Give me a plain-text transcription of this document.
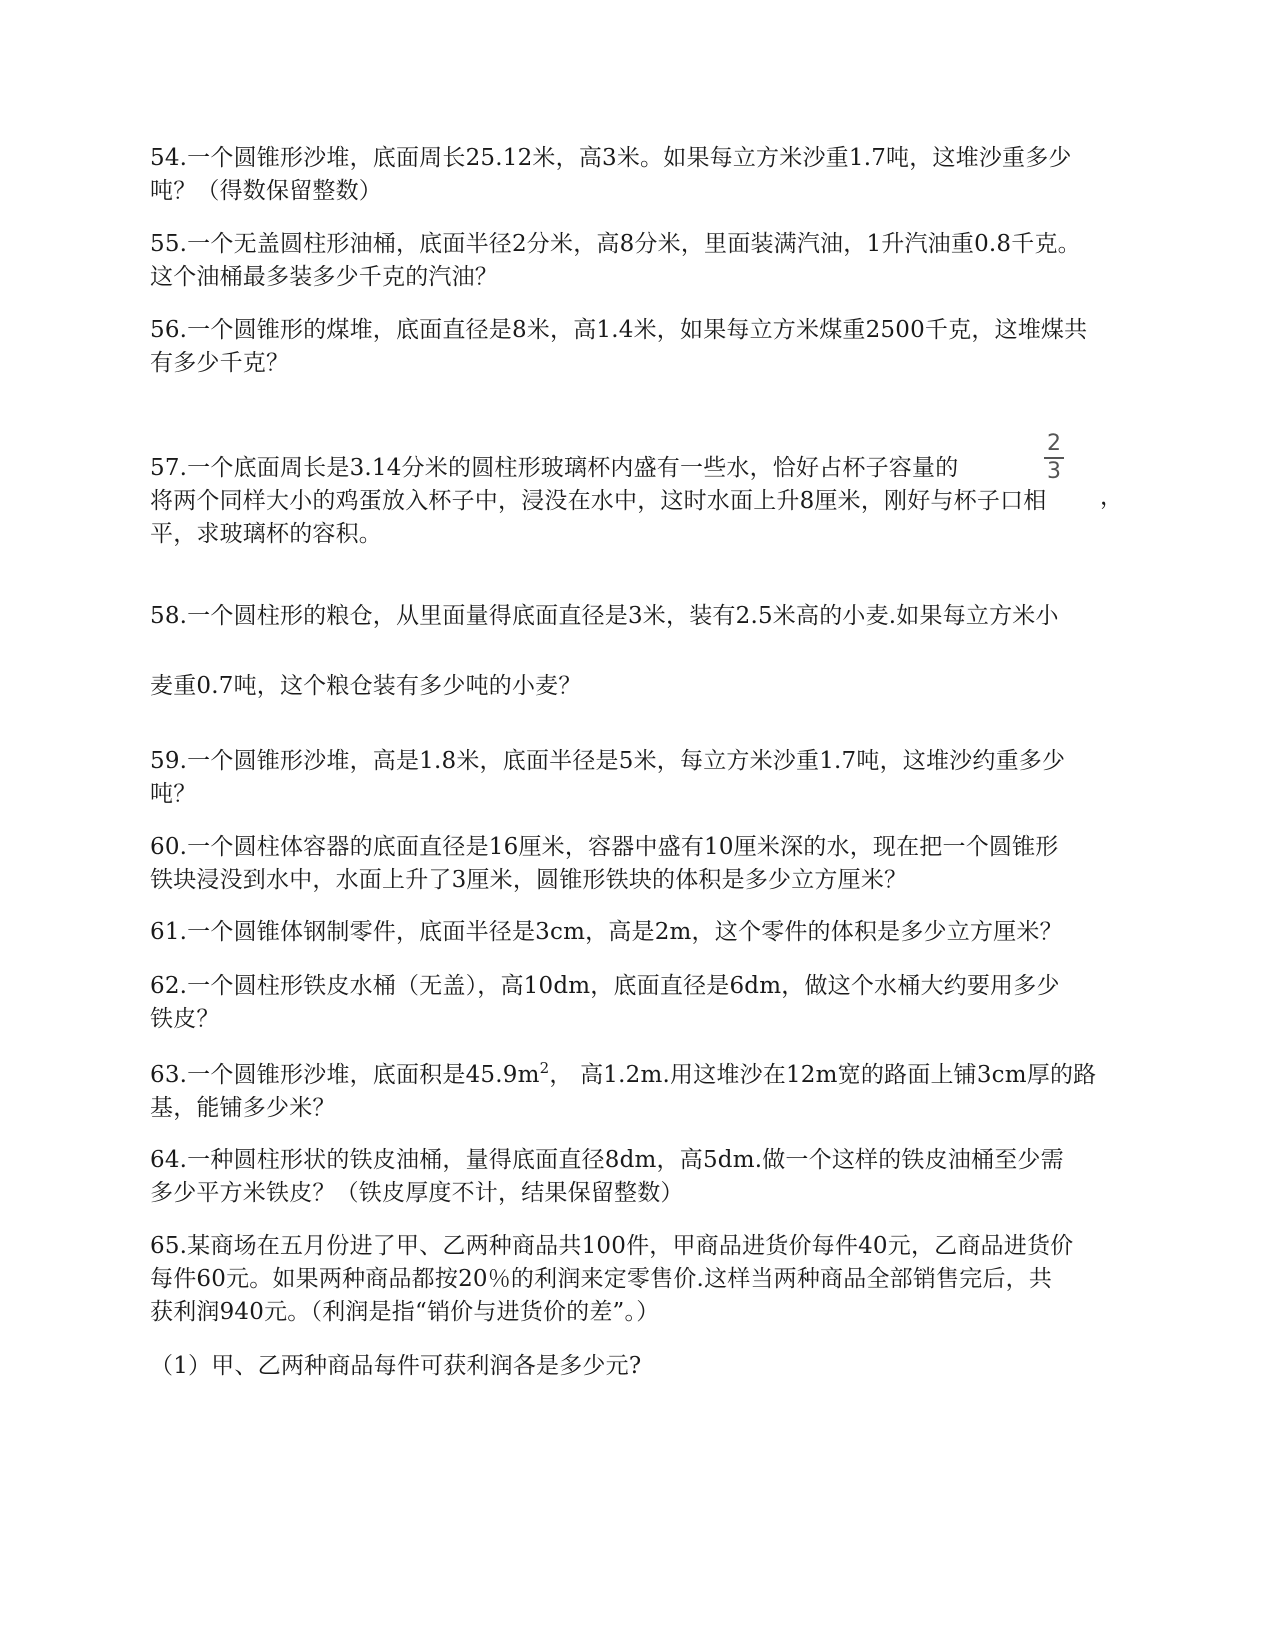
54.一个圆锥形沙堆，底面周长25.12米，高3米。如果每立方米沙重1.7吨，这堆沙重多少
吨？（得数保留整数）
55.一个无盖圆柱形油桶，底面半径2分米，高8分米，里面装满汽油，1升汽油重0.8千克。
这个油桶最多装多少千克的汽油？
56.一个圆锥形的煤堆，底面直径是8米，高1.4米，如果每立方米煤重2500千克，这堆煤共
有多少千克？
2
3
，
57.一个底面周长是3.14分米的圆柱形玻璃杯内盛有一些水，恰好占杯子容量的
将两个同样大小的鸡蛋放入杯子中，浸没在水中，这时水面上升8厘米，刚好与杯子口相
平，求玻璃杯的容积。
58.一个圆柱形的粮仓，从里面量得底面直径是3米，装有2.5米高的小麦.如果每立方米小
麦重0.7吨，这个粮仓装有多少吨的小麦？
59.一个圆锥形沙堆，高是1.8米，底面半径是5米，每立方米沙重1.7吨，这堆沙约重多少
吨？
60.一个圆柱体容器的底面直径是16厘米，容器中盛有10厘米深的水，现在把一个圆锥形
铁块浸没到水中，水面上升了3厘米，圆锥形铁块的体积是多少立方厘米？
61.一个圆锥体钢制零件，底面半径是3cm，高是2m，这个零件的体积是多少立方厘米？
62.一个圆柱形铁皮水桶（无盖），高10dm，底面直径是6dm，做这个水桶大约要用多少
铁皮？
63.一个圆锥形沙堆，底面积是$45.9m^2$， 高1.2m.用这堆沙在12m宽的路面上铺3cm厚的路
基，能铺多少米？
64.一种圆柱形状的铁皮油桶，量得底面直径8dm，高5dm.做一个这样的铁皮油桶至少需
多少平方米铁皮？（铁皮厚度不计，结果保留整数）
65.某商场在五月份进了甲、乙两种商品共100件，甲商品进货价每件40元，乙商品进货价
每件60元。如果两种商品都按20％的利润来定零售价.这样当两种商品全部销售完后，共
获利润940元。（利润是指“销价与进货价的差”。）
（1）甲、乙两种商品每件可获利润各是多少元?
